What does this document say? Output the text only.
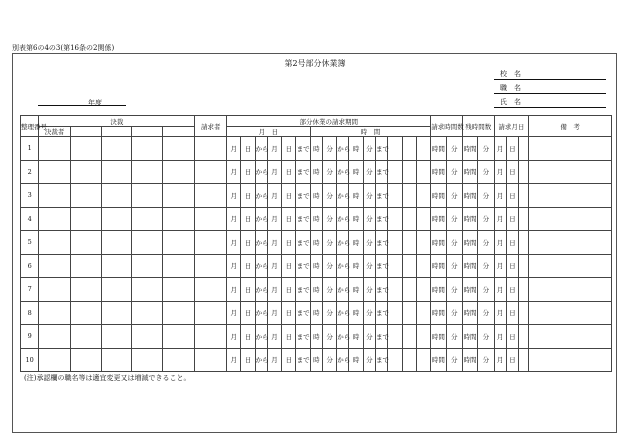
別表第6の4の3(第16条の2関係)
第2号部分休業簿
年度
校　名
職　名
氏　名
整理番号	決裁					請求者	部分休業の請求期間															請求時間数		残時間数		請求月日			備　考
	決裁者						月　日						時　間																
1							月	日	から	月	日	まで	時	分	から	時	分	まで				時間	分	時間	分	月	日		
2							月	日	から	月	日	まで	時	分	から	時	分	まで				時間	分	時間	分	月	日		
3							月	日	から	月	日	まで	時	分	から	時	分	まで				時間	分	時間	分	月	日		
4							月	日	から	月	日	まで	時	分	から	時	分	まで				時間	分	時間	分	月	日		
5							月	日	から	月	日	まで	時	分	から	時	分	まで				時間	分	時間	分	月	日		
6							月	日	から	月	日	まで	時	分	から	時	分	まで				時間	分	時間	分	月	日		
7							月	日	から	月	日	まで	時	分	から	時	分	まで				時間	分	時間	分	月	日		
8							月	日	から	月	日	まで	時	分	から	時	分	まで				時間	分	時間	分	月	日		
9							月	日	から	月	日	まで	時	分	から	時	分	まで				時間	分	時間	分	月	日		
10							月	日	から	月	日	まで	時	分	から	時	分	まで				時間	分	時間	分	月	日		
(注)承認欄の職名等は適宜変更又は増減できること。
